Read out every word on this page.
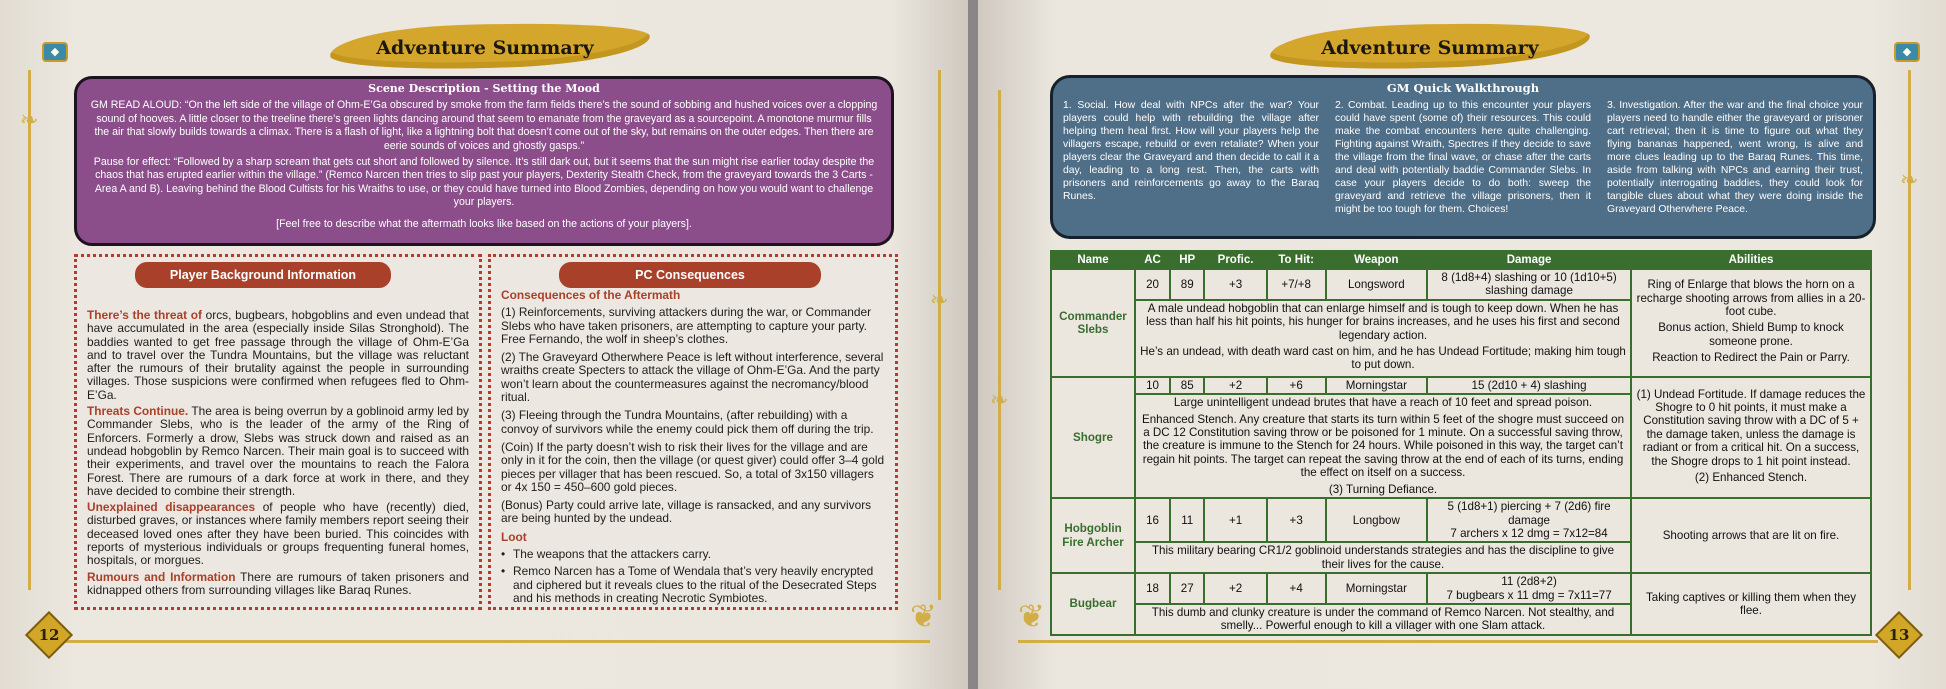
◆
❧
❧
❦
Adventure Summary
Scene Description - Setting the Mood

GM READ ALOUD: “On the left side of the village of Ohm-E’Ga obscured by smoke from the farm fields there’s the sound of sobbing and hushed voices over a clopping sound of hooves. A little closer to the treeline there’s green lights dancing around that seem to emanate from the graveyard as a sourcepoint. A monotone murmur fills the air that slowly builds towards a climax. There is a flash of light, like a lightning bolt that doesn’t come out of the sky, but remains on the outer edges. Then there are eerie sounds of voices and ghostly gasps.”

Pause for effect: “Followed by a sharp scream that gets cut short and followed by silence. It’s still dark out, but it seems that the sun might rise earlier today despite the chaos that has erupted earlier within the village.” (Remco Narcen then tries to slip past your players, Dexterity Stealth Check, from the graveyard towards the 3 Carts - Area A and B). Leaving behind the Blood Cultists for his Wraiths to use, or they could have turned into Blood Zombies, depending on how you would want to challenge your players.

[Feel free to describe what the aftermath looks like based on the actions of your players].

Player Background Information

There’s the threat of orcs, bugbears, hobgoblins and even undead that have accumulated in the area (especially inside Silas Stronghold). The baddies wanted to get free passage through the village of Ohm-E’Ga and to travel over the Tundra Mountains, but the village was reluctant after the rumours of their brutality against the people in surrounding villages. Those suspicions were confirmed when refugees fled to Ohm-E’Ga.

Threats Continue. The area is being overrun by a goblinoid army led by Commander Slebs, who is the leader of the army of the Ring of Enforcers. Formerly a drow, Slebs was struck down and raised as an undead hobgoblin by Remco Narcen. Their main goal is to succeed with their experiments, and travel over the mountains to reach the Falora Forest. There are rumours of a dark force at work in there, and they have decided to combine their strength.

Unexplained disappearances of people who have (recently) died, disturbed graves, or instances where family members report seeing their deceased loved ones after they have been buried. This coincides with reports of mysterious individuals or groups frequenting funeral homes, hospitals, or morgues.

Rumours and Information There are rumours of taken prisoners and kidnapped others from surrounding villages like Baraq Runes.

PC Consequences
Consequences of the Aftermath

(1) Reinforcements, surviving attackers during the war, or Commander Slebs who have taken prisoners, are attempting to capture your party. Free Fernando, the wolf in sheep’s clothes.

(2) The Graveyard Otherwhere Peace is left without interference, several wraiths create Specters to attack the village of Ohm-E’Ga. And the party won’t learn about the countermeasures against the necromancy/blood ritual.

(3) Fleeing through the Tundra Mountains, (after rebuilding) with a convoy of survivors while the enemy could pick them off during the trip.

(Coin) If the party doesn’t wish to risk their lives for the village and are only in it for the coin, then the village (or quest giver) could offer 3–4 gold pieces per villager that has been rescued. So, a total of 3x150 villagers or 4x 150 = 450–600 gold pieces.

(Bonus) Party could arrive late, village is ransacked, and any survivors are being hunted by the undead.

Loot
• The weapons that the attackers carry.
• Remco Narcen has a Tome of Wendala that’s very heavily encrypted and ciphered but it reveals clues to the ritual of the Desecrated Steps and his methods in creating Necrotic Symbiotes.
12
◆
❧
❧
❦
Adventure Summary
GM Quick Walkthrough
1. Social. How deal with NPCs after the war? Your players could help with rebuilding the village after helping them heal first. How will your players help the villagers escape, rebuild or even retaliate? When your players clear the Graveyard and then decide to call it a day, leading to a long rest. Then, the carts with prisoners and reinforcements go away to the Baraq Runes.
2. Combat. Leading up to this encounter your players could have spent (some of) their resources. This could make the combat encounters here quite challenging. Fighting against Wraith, Spectres if they decide to save the village from the final wave, or chase after the carts and deal with potentially baddie Commander Slebs. In case your players decide to do both: sweep the graveyard and retrieve the village prisoners, then it might be too tough for them. Choices!
3. Investigation. After the war and the final choice your players need to handle either the graveyard or prisoner cart retrieval; then it is time to figure out what they flying bananas happened, went wrong, is alive and more clues leading up to the Baraq Runes. This time, aside from talking with NPCs and earning their trust, potentially interrogating baddies, they could look for tangible clues about what they were doing inside the Graveyard Otherwhere Peace.
Name	AC	HP	Profic.	To Hit:	Weapon	Damage	Abilities
Commander Slebs	20	89	+3	+7/+8	Longsword	8 (1d8+4) slashing or 10 (1d10+5) slashing damage	Ring of Enlarge that blows the horn on a recharge shooting arrows from allies in a 20-foot cube.

Bonus action, Shield Bump to knock someone prone.

Reaction to Redirect the Pain or Parry.

	A male undead hobgoblin that can enlarge himself and is tough to keep down. When he has less than half his hit points, his hunger for brains increases, and he uses his first and second legendary action.

He’s an undead, with death ward cast on him, and he has Undead Fortitude; making him tough to put down.						

Shogre	10	85	+2	+6	Morningstar	15 (2d10 + 4) slashing	(1) Undead Fortitude. If damage reduces the Shogre to 0 hit points, it must make a Constitution saving throw with a DC of 5 + the damage taken, unless the damage is radiant or from a critical hit. On a success, the Shogre drops to 1 hit point instead.

(2) Enhanced Stench.

	Large unintelligent undead brutes that have a reach of 10 feet and spread poison.

Enhanced Stench. Any creature that starts its turn within 5 feet of the shogre must succeed on a DC 12 Constitution saving throw or be poisoned for 1 minute. On a successful saving throw, the creature is immune to the Stench for 24 hours. While poisoned in this way, the target can’t regain hit points. The target can repeat the saving throw at the end of each of its turns, ending the effect on itself on a success.

(3) Turning Defiance.						

Hobgoblin Fire Archer	16	11	+1	+3	Longbow	5 (1d8+1) piercing + 7 (2d6) fire damage
7 archers x 12 dmg = 7x12=84	Shooting arrows that are lit on fire.
	This military bearing CR1/2 goblinoid understands strategies and has the discipline to give their lives for the cause.						
Bugbear	18	27	+2	+4	Morningstar	11 (2d8+2)
7 bugbears x 11 dmg = 7x11=77	Taking captives or killing them when they flee.
	This dumb and clunky creature is under the command of Remco Narcen. Not stealthy, and smelly... Powerful enough to kill a villager with one Slam attack.						
13
